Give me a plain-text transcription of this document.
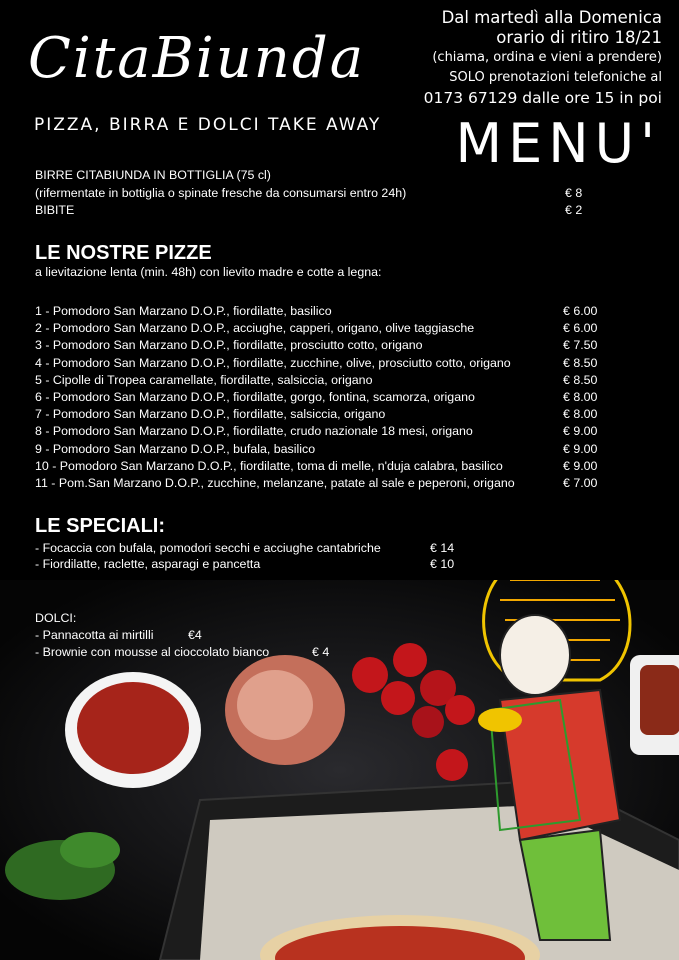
CitaBiunda
PIZZA, BIRRA E DOLCI TAKE AWAY
Dal martedì alla Domenica
orario di ritiro 18/21
(chiama, ordina e vieni a prendere)
SOLO prenotazioni telefoniche al
0173 67129 dalle ore 15 in poi
MENU'
BIRRE CITABIUNDA IN BOTTIGLIA (75 cl)
(rifermentate in bottiglia o spinate fresche da consumarsi entro 24h)	€ 8
BIBITE	€ 2
LE NOSTRE PIZZE
a lievitazione lenta (min. 48h) con lievito madre e cotte a legna:
1 - Pomodoro San Marzano D.O.P., fiordilatte, basilico	€ 6.00
2 - Pomodoro San Marzano D.O.P., acciughe, capperi, origano, olive taggiasche	€ 6.00
3 - Pomodoro San Marzano D.O.P., fiordilatte, prosciutto cotto, origano	€ 7.50
4 - Pomodoro San Marzano D.O.P., fiordilatte, zucchine, olive, prosciutto cotto, origano	€ 8.50
5 - Cipolle di Tropea caramellate, fiordilatte, salsiccia, origano	€ 8.50
6 - Pomodoro San Marzano D.O.P., fiordilatte, gorgo, fontina, scamorza, origano	€ 8.00
7 - Pomodoro San Marzano D.O.P., fiordilatte, salsiccia, origano	€ 8.00
8 - Pomodoro San Marzano D.O.P., fiordilatte, crudo nazionale 18 mesi, origano	€ 9.00
9 - Pomodoro San Marzano D.O.P., bufala, basilico	€ 9.00
10 - Pomodoro San Marzano D.O.P., fiordilatte, toma di melle, n'duja calabra, basilico	€ 9.00
11 - Pom.San Marzano D.O.P., zucchine, melanzane, patate al sale e peperoni, origano	€ 7.00
LE SPECIALI:
- Focaccia con bufala, pomodori secchi e acciughe cantabriche	€ 14
- Fiordilatte, raclette, asparagi e pancetta	€ 10
DOLCI:
- Pannacotta ai mirtilli	€4
- Brownie con mousse al cioccolato bianco	€ 4
